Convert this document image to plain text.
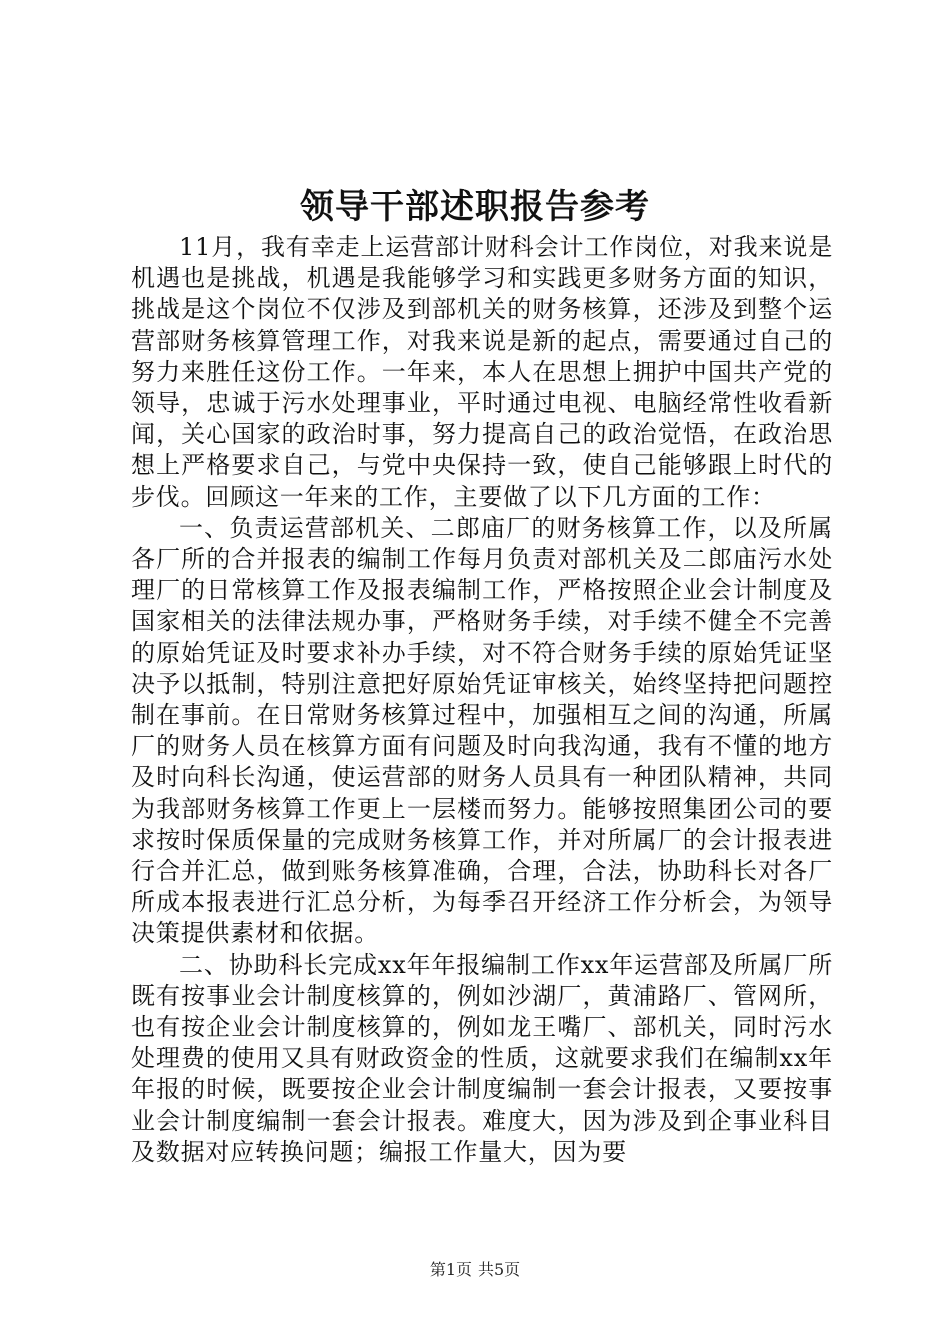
领导干部述职报告参考

11月，我有幸走上运营部计财科会计工作岗位，对我来说是机遇也是挑战，机遇是我能够学习和实践更多财务方面的知识，挑战是这个岗位不仅涉及到部机关的财务核算，还涉及到整个运营部财务核算管理工作，对我来说是新的起点，需要通过自己的努力来胜任这份工作。一年来，本人在思想上拥护中国共产党的领导，忠诚于污水处理事业，平时通过电视、电脑经常性收看新闻，关心国家的政治时事，努力提高自己的政治觉悟，在政治思想上严格要求自己，与党中央保持一致，使自己能够跟上时代的步伐。回顾这一年来的工作，主要做了以下几方面的工作：

一、负责运营部机关、二郎庙厂的财务核算工作，以及所属各厂所的合并报表的编制工作每月负责对部机关及二郎庙污水处理厂的日常核算工作及报表编制工作，严格按照企业会计制度及国家相关的法律法规办事，严格财务手续，对手续不健全不完善的原始凭证及时要求补办手续，对不符合财务手续的原始凭证坚决予以抵制，特别注意把好原始凭证审核关，始终坚持把问题控制在事前。在日常财务核算过程中，加强相互之间的沟通，所属厂的财务人员在核算方面有问题及时向我沟通，我有不懂的地方及时向科长沟通，使运营部的财务人员具有一种团队精神，共同为我部财务核算工作更上一层楼而努力。能够按照集团公司的要求按时保质保量的完成财务核算工作，并对所属厂的会计报表进行合并汇总，做到账务核算准确，合理，合法，协助科长对各厂所成本报表进行汇总分析，为每季召开经济工作分析会，为领导决策提供素材和依据。

二、协助科长完成xx年年报编制工作xx年运营部及所属厂所既有按事业会计制度核算的，例如沙湖厂，黄浦路厂、管网所，也有按企业会计制度核算的，例如龙王嘴厂、部机关，同时污水处理费的使用又具有财政资金的性质，这就要求我们在编制xx年年报的时候，既要按企业会计制度编制一套会计报表，又要按事业会计制度编制一套会计报表。难度大，因为涉及到企事业科目及数据对应转换问题；编报工作量大，因为要

第1页 共5页
